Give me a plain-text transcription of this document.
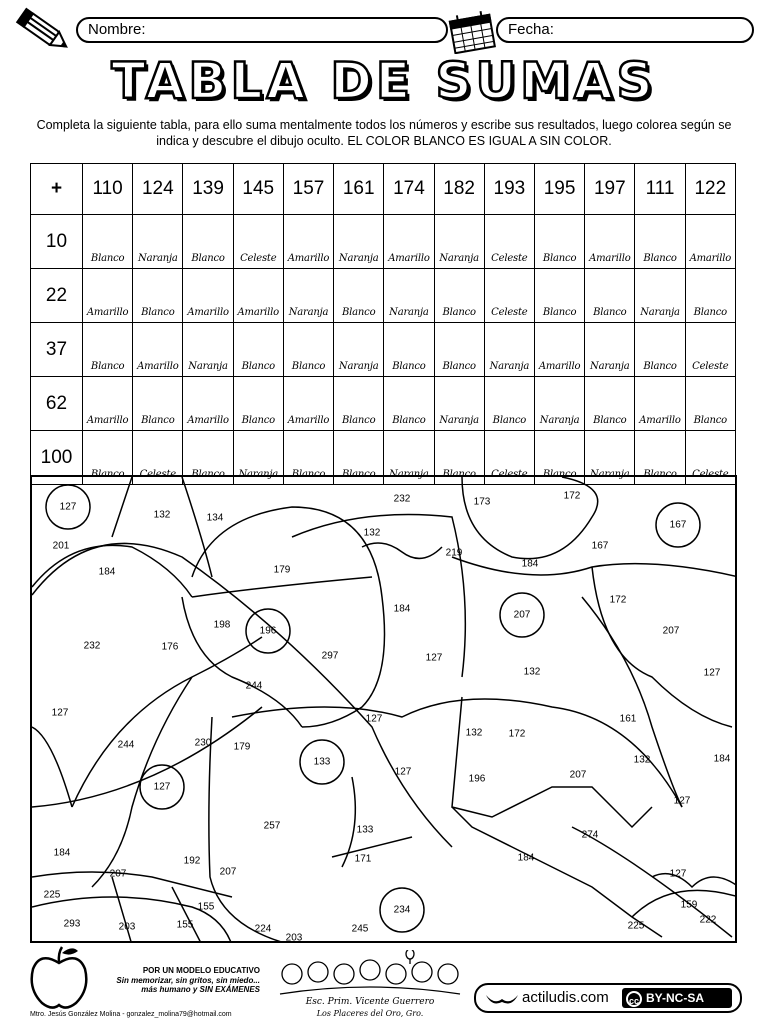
Nombre:	Fecha:
TABLA DE SUMAS
Completa la siguiente tabla, para ello suma mentalmente todos los números y escribe sus resultados, luego colorea según se indica y descubre el dibujo oculto. EL COLOR BLANCO ES IGUAL A SIN COLOR.
+	110	124	139	145	157	161	174	182	193	195	197	111	122
10	Blanco	Naranja	Blanco	Celeste	Amarillo	Naranja	Amarillo	Naranja	Celeste	Blanco	Amarillo	Blanco	Amarillo
22	Amarillo	Blanco	Amarillo	Amarillo	Naranja	Blanco	Naranja	Blanco	Celeste	Blanco	Blanco	Naranja	Blanco
37	Blanco	Amarillo	Naranja	Blanco	Blanco	Naranja	Blanco	Blanco	Naranja	Amarillo	Naranja	Blanco	Celeste
62	Amarillo	Blanco	Amarillo	Blanco	Amarillo	Blanco	Blanco	Naranja	Blanco	Naranja	Blanco	Amarillo	Blanco
100	Blanco	Celeste	Blanco	Naranja	Blanco	Blanco	Naranja	Blanco	Celeste	Blanco	Naranja	Blanco	Celeste
127
132	134
201
184
232	176
179
198
196
297
184
132
232	173
172
167
219
184
167
207
172
207
127
127
132
244
127
244
127
230 179
133
127
132	172
161
196	207
132	184
127
127
257	133	274
184
192	171	184
207	207	127
225
155	234	159
222
293	203	155	224
203
245	225
POR UN MODELO EDUCATIVO
Sin memorizar, sin gritos, sin miedo...
más humano y SIN EXÁMENES
Mtro. Jesús González Molina - gonzalez_molina79@hotmail.com
Esc. Prim. Vicente Guerrero
Los Placeres del Oro, Gro.
actiludis.com	cc BY-NC-SA
